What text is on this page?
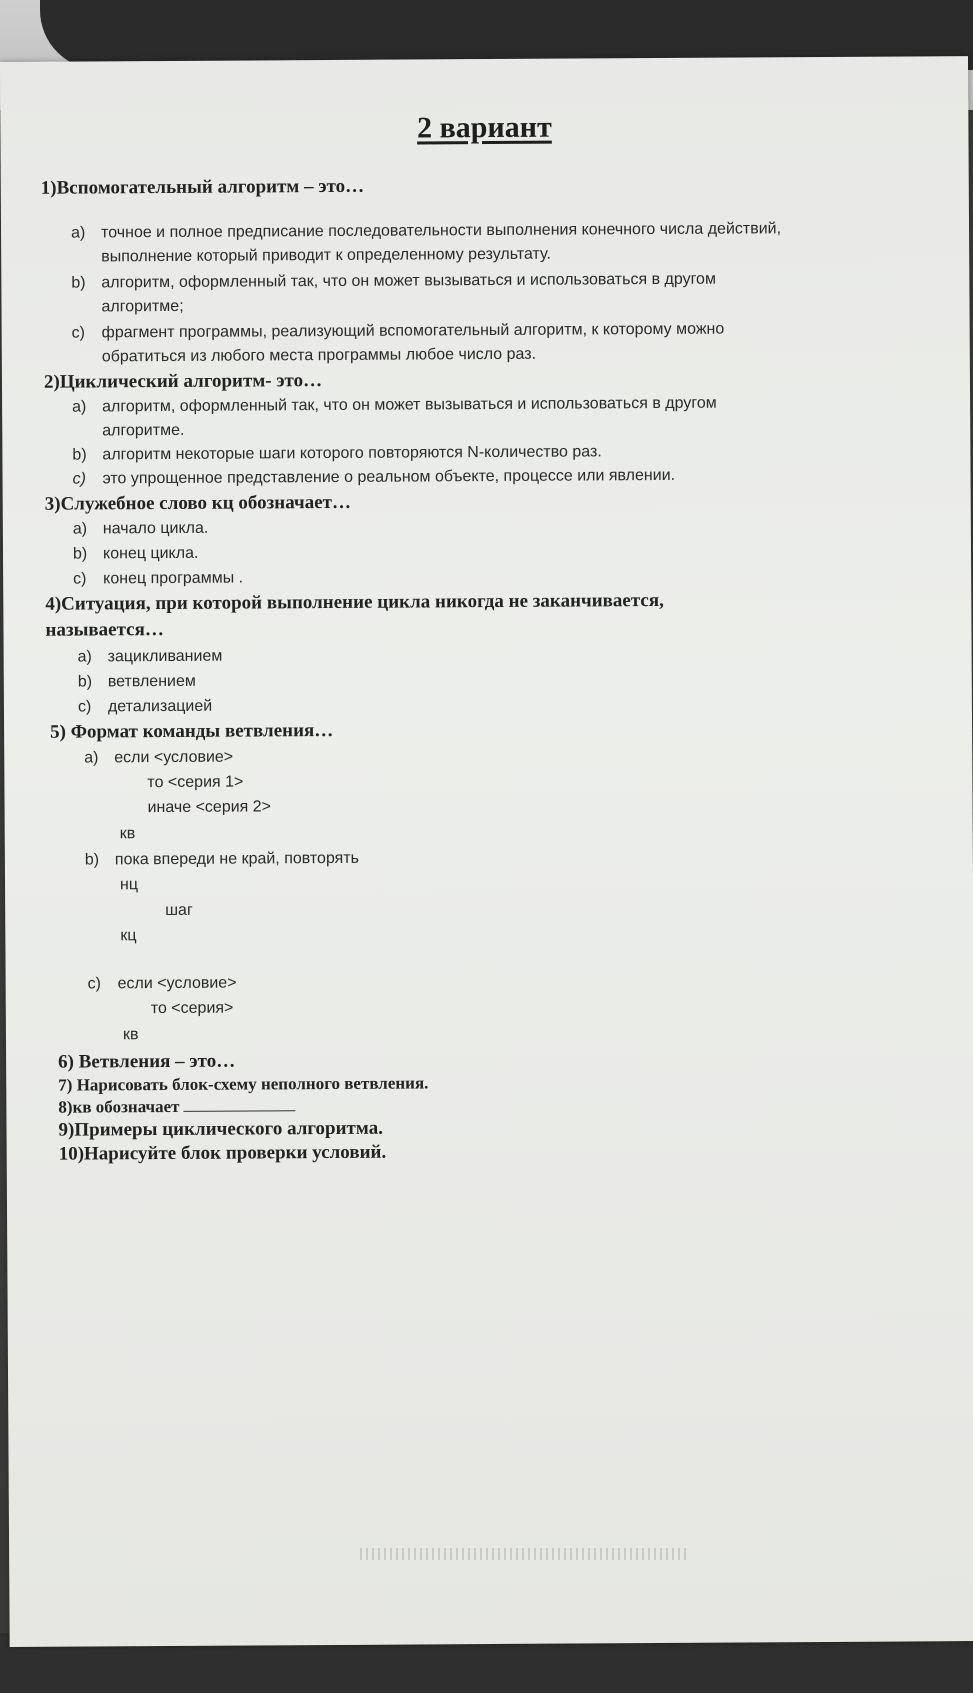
2 вариант
1)Вспомогательный алгоритм – это…
a) точное и полное предписание последовательности выполнения конечного числа действий,
выполнение который приводит к определенному результату.
b) алгоритм, оформленный так, что он может вызываться и использоваться в другом
алгоритме;
c) фрагмент программы, реализующий вспомогательный алгоритм, к которому можно
обратиться из любого места программы любое число раз.
2)Циклический алгоритм- это…
a) алгоритм, оформленный так, что он может вызываться и использоваться в другом
алгоритме.
b) алгоритм некоторые шаги которого повторяются N-количество раз.
c) это упрощенное представление о реальном объекте, процессе или явлении.
3)Служебное слово кц обозначает…
a) начало цикла.
b) конец цикла.
c) конец программы .
4)Ситуация, при которой выполнение цикла никогда не заканчивается,
называется…
a) зацикливанием
b) ветвлением
c) детализацией
5) Формат команды ветвления…
a) если <условие>
то <серия 1>
иначе <серия 2>
кв
b) пока впереди не край, повторять
нц
шаг
кц
c) если <условие>
то <серия>
кв
6) Ветвления – это…
7) Нарисовать блок-схему неполного ветвления.
8)кв обозначает
9)Примеры циклического алгоритма.
10)Нарисуйте блок проверки условий.
